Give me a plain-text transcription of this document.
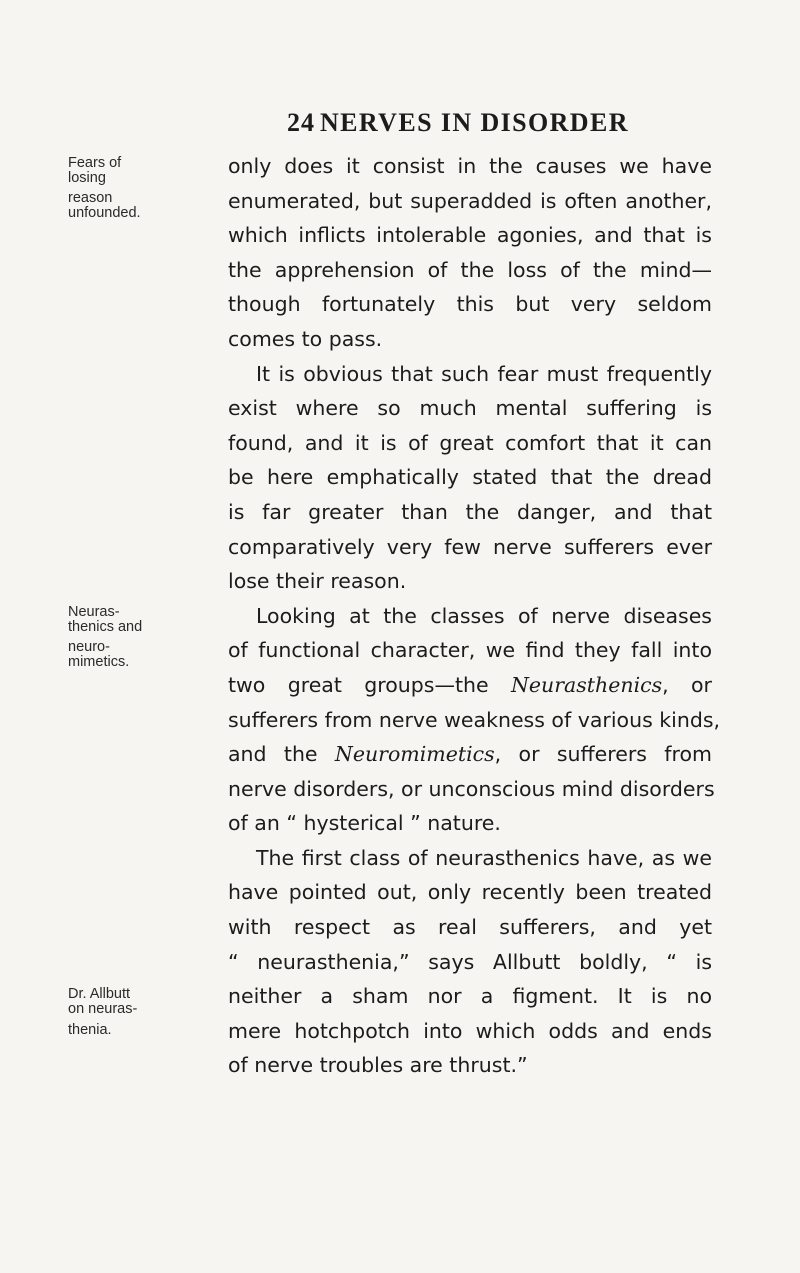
24 NERVES IN DISORDER
Fears of
losing
reason
unfounded.
Neuras-
thenics and
neuro-
mimetics.
Dr. Allbutt
on neuras-
thenia.
only does it consist in the causes we have
enumerated, but superadded is often another,
which inflicts intolerable agonies, and that is
the apprehension of the loss of the mind—
though fortunately this but very seldom
comes to pass.
It is obvious that such fear must frequently
exist where so much mental suffering is
found, and it is of great comfort that it can
be here emphatically stated that the dread
is far greater than the danger, and that
comparatively very few nerve sufferers ever
lose their reason.
Looking at the classes of nerve diseases
of functional character, we find they fall into
two great groups—the Neurasthenics, or
sufferers from nerve weakness of various kinds,
and the Neuromimetics, or sufferers from
nerve disorders, or unconscious mind disorders
of an “ hysterical ” nature.
The first class of neurasthenics have, as we
have pointed out, only recently been treated
with respect as real sufferers, and yet
“ neurasthenia,” says Allbutt boldly, “ is
neither a sham nor a figment. It is no
mere hotchpotch into which odds and ends
of nerve troubles are thrust.”
